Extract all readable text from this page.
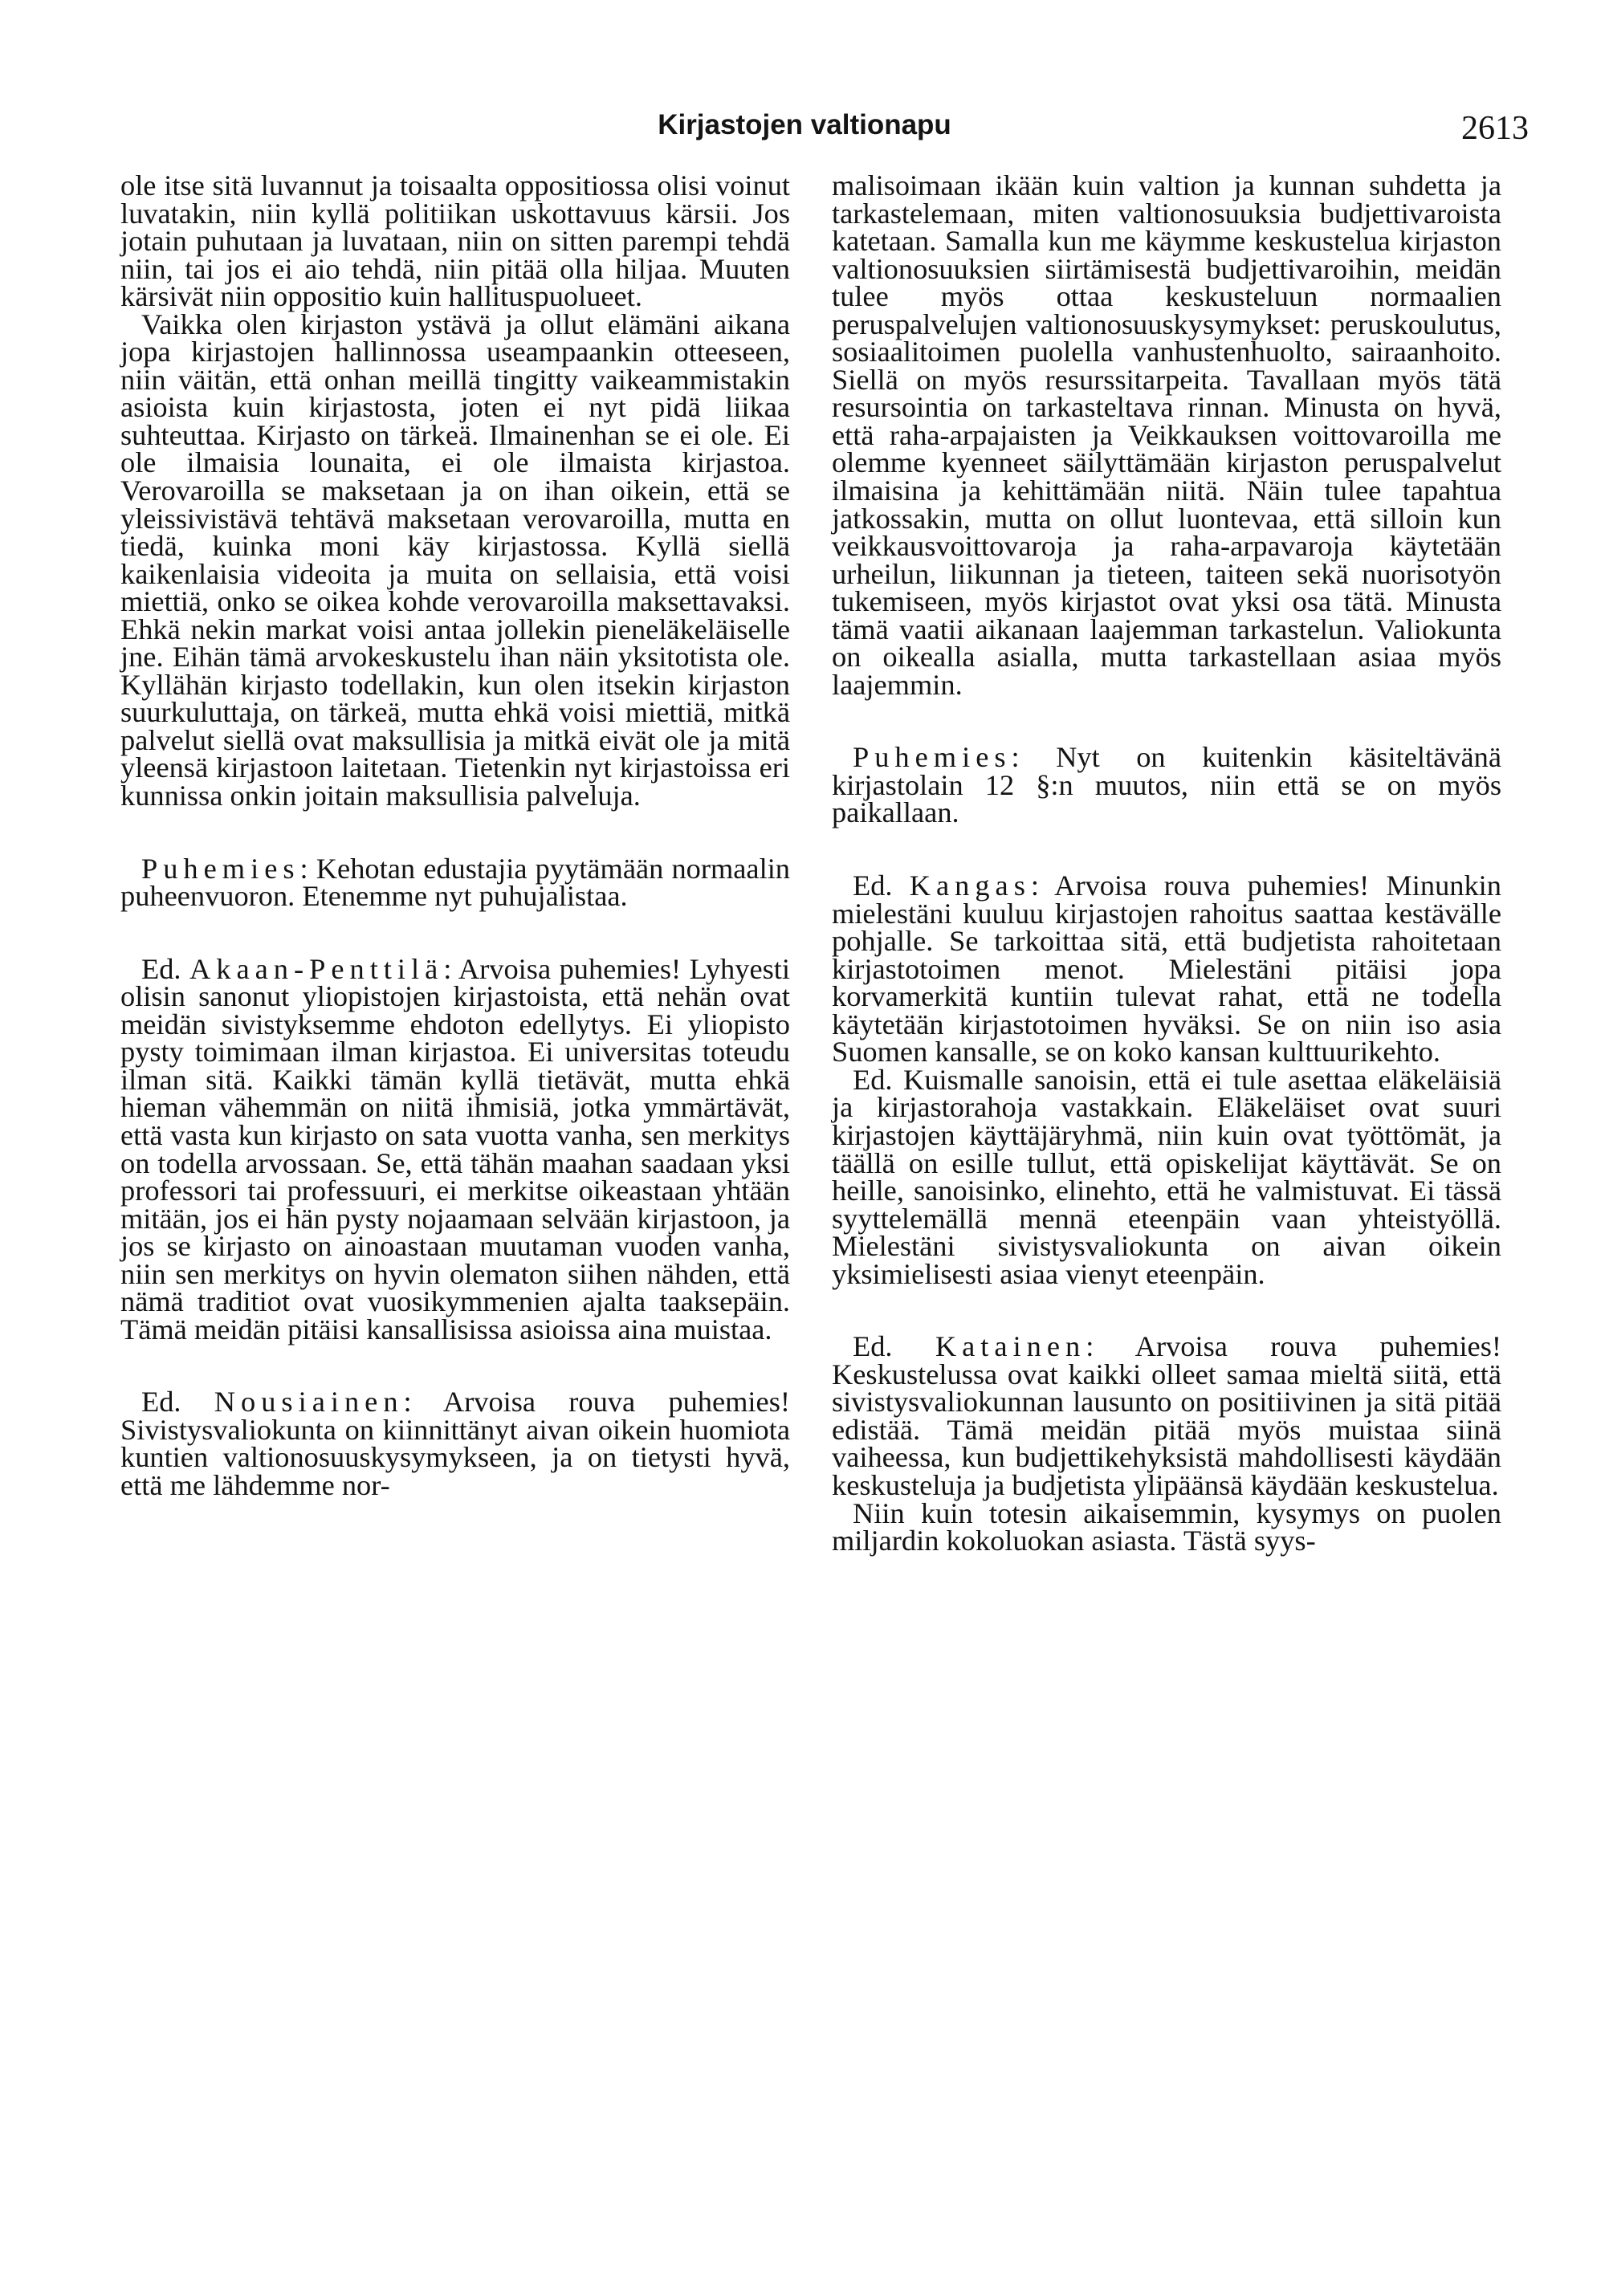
Kirjastojen valtionapu	2613

ole itse sitä luvannut ja toisaalta oppositiossa olisi voinut luvatakin, niin kyllä politiikan uskottavuus kärsii. Jos jotain puhutaan ja luvataan, niin on sitten parempi tehdä niin, tai jos ei aio tehdä, niin pitää olla hiljaa. Muuten kärsivät niin oppositio kuin hallituspuolueet.

Vaikka olen kirjaston ystävä ja ollut elämäni aikana jopa kirjastojen hallinnossa useampaankin otteeseen, niin väitän, että onhan meillä tingitty vaikeammistakin asioista kuin kirjastosta, joten ei nyt pidä liikaa suhteuttaa. Kirjasto on tärkeä. Ilmainenhan se ei ole. Ei ole ilmaisia lounaita, ei ole ilmaista kirjastoa. Verovaroilla se maksetaan ja on ihan oikein, että se yleissivistävä tehtävä maksetaan verovaroilla, mutta en tiedä, kuinka moni käy kirjastossa. Kyllä siellä kaikenlaisia videoita ja muita on sellaisia, että voisi miettiä, onko se oikea kohde verovaroilla maksettavaksi. Ehkä nekin markat voisi antaa jollekin pieneläkeläiselle jne. Eihän tämä arvokeskustelu ihan näin yksitotista ole. Kyllähän kirjasto todellakin, kun olen itsekin kirjaston suurkuluttaja, on tärkeä, mutta ehkä voisi miettiä, mitkä palvelut siellä ovat maksullisia ja mitkä eivät ole ja mitä yleensä kirjastoon laitetaan. Tietenkin nyt kirjastoissa eri kunnissa onkin joitain maksullisia palveluja.

Puhemies: Kehotan edustajia pyytämään normaalin puheenvuoron. Etenemme nyt puhujalistaa.

Ed. Akaan-Penttilä: Arvoisa puhemies! Lyhyesti olisin sanonut yliopistojen kirjastoista, että nehän ovat meidän sivistyksemme ehdoton edellytys. Ei yliopisto pysty toimimaan ilman kirjastoa. Ei universitas toteudu ilman sitä. Kaikki tämän kyllä tietävät, mutta ehkä hieman vähemmän on niitä ihmisiä, jotka ymmärtävät, että vasta kun kirjasto on sata vuotta vanha, sen merkitys on todella arvossaan. Se, että tähän maahan saadaan yksi professori tai professuuri, ei merkitse oikeastaan yhtään mitään, jos ei hän pysty nojaamaan selvään kirjastoon, ja jos se kirjasto on ainoastaan muutaman vuoden vanha, niin sen merkitys on hyvin olematon siihen nähden, että nämä traditiot ovat vuosikymmenien ajalta taaksepäin. Tämä meidän pitäisi kansallisissa asioissa aina muistaa.

Ed. Nousiainen: Arvoisa rouva puhemies! Sivistysvaliokunta on kiinnittänyt aivan oikein huomiota kuntien valtionosuuskysymykseen, ja on tietysti hyvä, että me lähdemme nor-

malisoimaan ikään kuin valtion ja kunnan suhdetta ja tarkastelemaan, miten valtionosuuksia budjettivaroista katetaan. Samalla kun me käymme keskustelua kirjaston valtionosuuksien siirtämisestä budjettivaroihin, meidän tulee myös ottaa keskusteluun normaalien peruspalvelujen valtionosuuskysymykset: peruskoulutus, sosiaalitoimen puolella vanhustenhuolto, sairaanhoito. Siellä on myös resurssitarpeita. Tavallaan myös tätä resursointia on tarkasteltava rinnan. Minusta on hyvä, että raha-arpajaisten ja Veikkauksen voittovaroilla me olemme kyenneet säilyttämään kirjaston peruspalvelut ilmaisina ja kehittämään niitä. Näin tulee tapahtua jatkossakin, mutta on ollut luontevaa, että silloin kun veikkausvoittovaroja ja raha-arpavaroja käytetään urheilun, liikunnan ja tieteen, taiteen sekä nuorisotyön tukemiseen, myös kirjastot ovat yksi osa tätä. Minusta tämä vaatii aikanaan laajemman tarkastelun. Valiokunta on oikealla asialla, mutta tarkastellaan asiaa myös laajemmin.

Puhemies: Nyt on kuitenkin käsiteltävänä kirjastolain 12 §:n muutos, niin että se on myös paikallaan.

Ed. Kangas: Arvoisa rouva puhemies! Minunkin mielestäni kuuluu kirjastojen rahoitus saattaa kestävälle pohjalle. Se tarkoittaa sitä, että budjetista rahoitetaan kirjastotoimen menot. Mielestäni pitäisi jopa korvamerkitä kuntiin tulevat rahat, että ne todella käytetään kirjastotoimen hyväksi. Se on niin iso asia Suomen kansalle, se on koko kansan kulttuurikehto.

Ed. Kuismalle sanoisin, että ei tule asettaa eläkeläisiä ja kirjastorahoja vastakkain. Eläkeläiset ovat suuri kirjastojen käyttäjäryhmä, niin kuin ovat työttömät, ja täällä on esille tullut, että opiskelijat käyttävät. Se on heille, sanoisinko, elinehto, että he valmistuvat. Ei tässä syyttelemällä mennä eteenpäin vaan yhteistyöllä. Mielestäni sivistysvaliokunta on aivan oikein yksimielisesti asiaa vienyt eteenpäin.

Ed. Katainen: Arvoisa rouva puhemies! Keskustelussa ovat kaikki olleet samaa mieltä siitä, että sivistysvaliokunnan lausunto on positiivinen ja sitä pitää edistää. Tämä meidän pitää myös muistaa siinä vaiheessa, kun budjettikehyksistä mahdollisesti käydään keskusteluja ja budjetista ylipäänsä käydään keskustelua.

Niin kuin totesin aikaisemmin, kysymys on puolen miljardin kokoluokan asiasta. Tästä syys-
